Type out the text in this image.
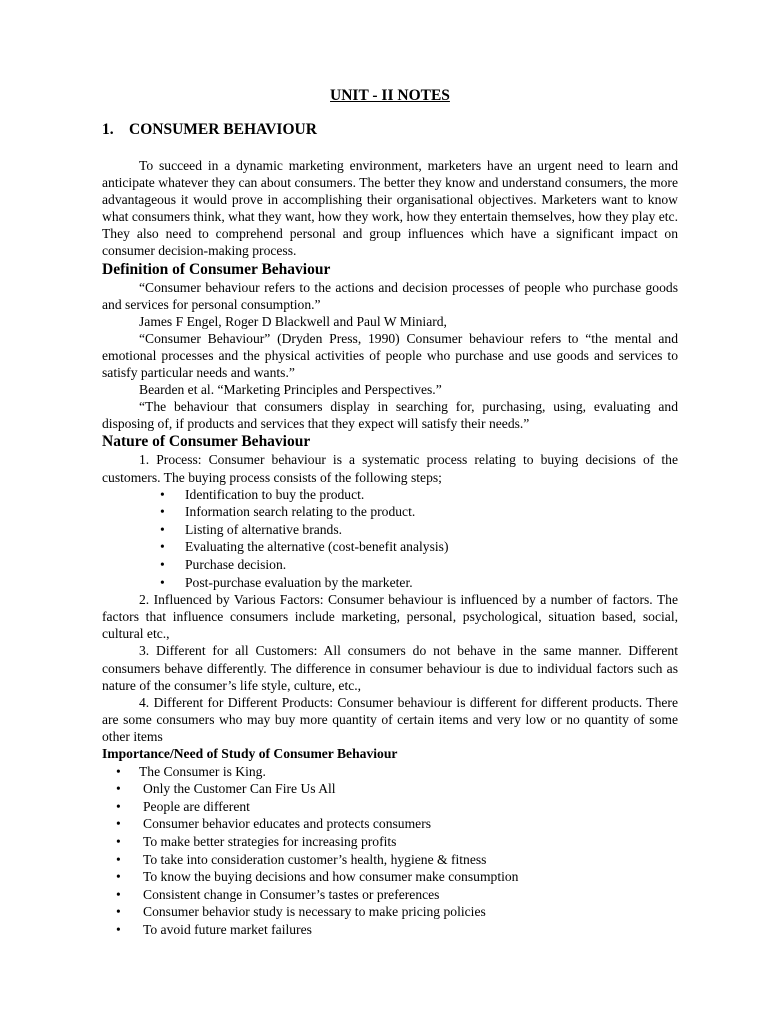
UNIT - II NOTES
1. CONSUMER BEHAVIOUR

To succeed in a dynamic marketing environment, marketers have an urgent need to learn and anticipate whatever they can about consumers. The better they know and understand consumers, the more advantageous it would prove in accomplishing their organisational objectives. Marketers want to know what consumers think, what they want, how they work, how they entertain themselves, how they play etc. They also need to comprehend personal and group influences which have a significant impact on consumer decision-making process.

Definition of Consumer Behaviour

“Consumer behaviour refers to the actions and decision processes of people who purchase goods and services for personal consumption.”

James F Engel, Roger D Blackwell and Paul W Miniard,

“Consumer Behaviour” (Dryden Press, 1990) Consumer behaviour refers to “the mental and emotional processes and the physical activities of people who purchase and use goods and services to satisfy particular needs and wants.”

Bearden et al. “Marketing Principles and Perspectives.”

“The behaviour that consumers display in searching for, purchasing, using, evaluating and disposing of, if products and services that they expect will satisfy their needs.”

Nature of Consumer Behaviour

1. Process: Consumer behaviour is a systematic process relating to buying decisions of the customers. The buying process consists of the following steps;

• Identification to buy the product.
• Information search relating to the product.
• Listing of alternative brands.
• Evaluating the alternative (cost-benefit analysis)
• Purchase decision.
• Post-purchase evaluation by the marketer.

2. Influenced by Various Factors: Consumer behaviour is influenced by a number of factors. The factors that influence consumers include marketing, personal, psychological, situation based, social, cultural etc.,

3. Different for all Customers: All consumers do not behave in the same manner. Different consumers behave differently. The difference in consumer behaviour is due to individual factors such as nature of the consumer’s life style, culture, etc.,

4. Different for Different Products: Consumer behaviour is different for different products. There are some consumers who may buy more quantity of certain items and very low or no quantity of some other items

Importance/Need of Study of Consumer Behaviour
• The Consumer is King.
• Only the Customer Can Fire Us All
• People are different
• Consumer behavior educates and protects consumers
• To make better strategies for increasing profits
• To take into consideration customer’s health, hygiene & fitness
• To know the buying decisions and how consumer make consumption
• Consistent change in Consumer’s tastes or preferences
• Consumer behavior study is necessary to make pricing policies
• To avoid future market failures
